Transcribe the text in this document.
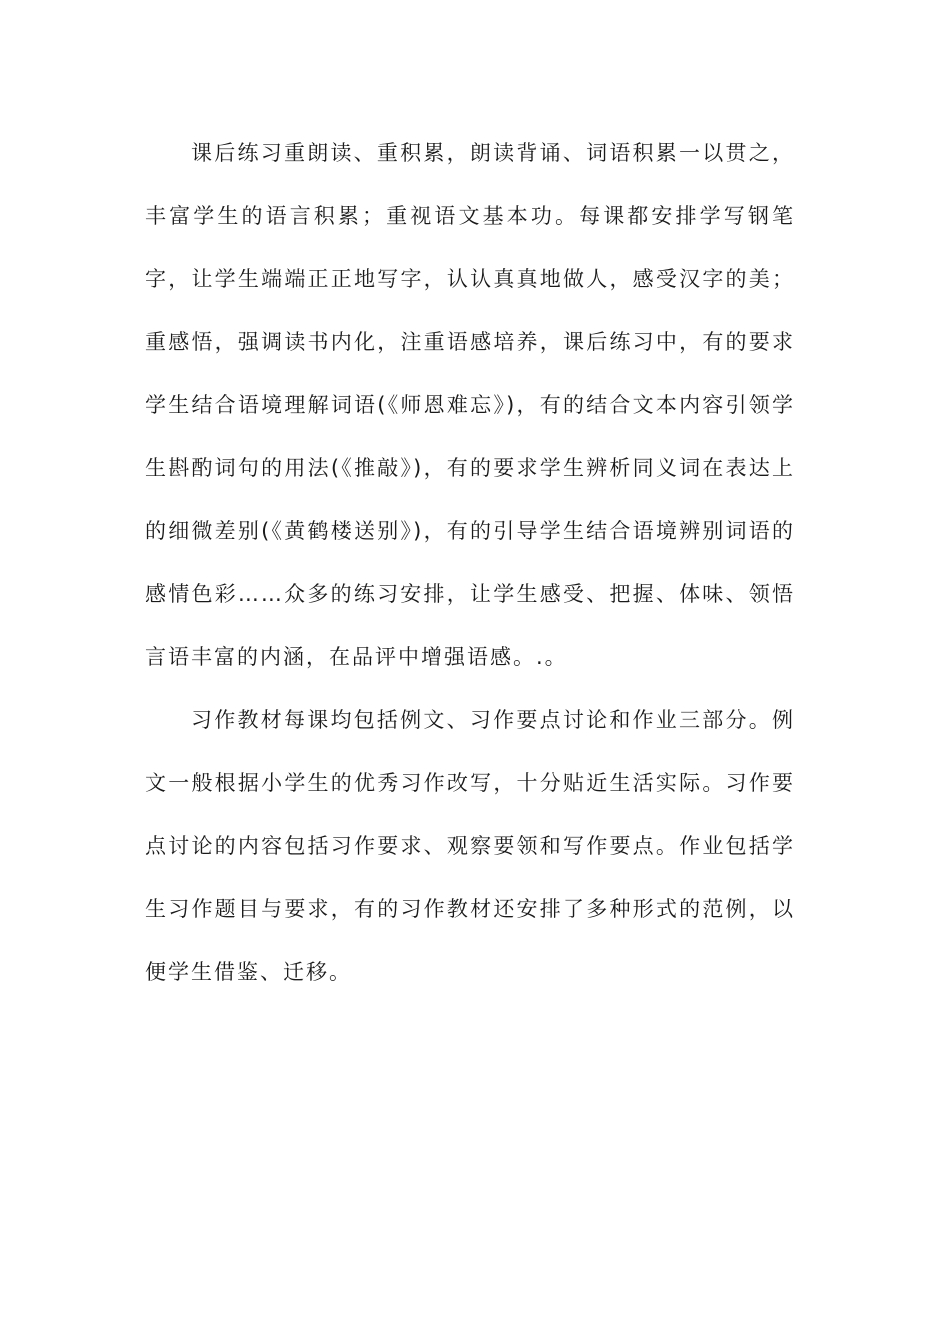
课后练习重朗读、重积累，朗读背诵、词语积累一以贯之，丰富学生的语言积累；重视语文基本功。每课都安排学写钢笔字，让学生端端正正地写字，认认真真地做人，感受汉字的美；重感悟，强调读书内化，注重语感培养，课后练习中，有的要求学生结合语境理解词语(《师恩难忘》)，有的结合文本内容引领学生斟酌词句的用法(《推敲》)，有的要求学生辨析同义词在表达上的细微差别(《黄鹤楼送别》)，有的引导学生结合语境辨别词语的感情色彩……众多的练习安排，让学生感受、把握、体味、领悟言语丰富的内涵，在品评中增强语感。.。

习作教材每课均包括例文、习作要点讨论和作业三部分。例文一般根据小学生的优秀习作改写，十分贴近生活实际。习作要点讨论的内容包括习作要求、观察要领和写作要点。作业包括学生习作题目与要求，有的习作教材还安排了多种形式的范例，以便学生借鉴、迁移。
